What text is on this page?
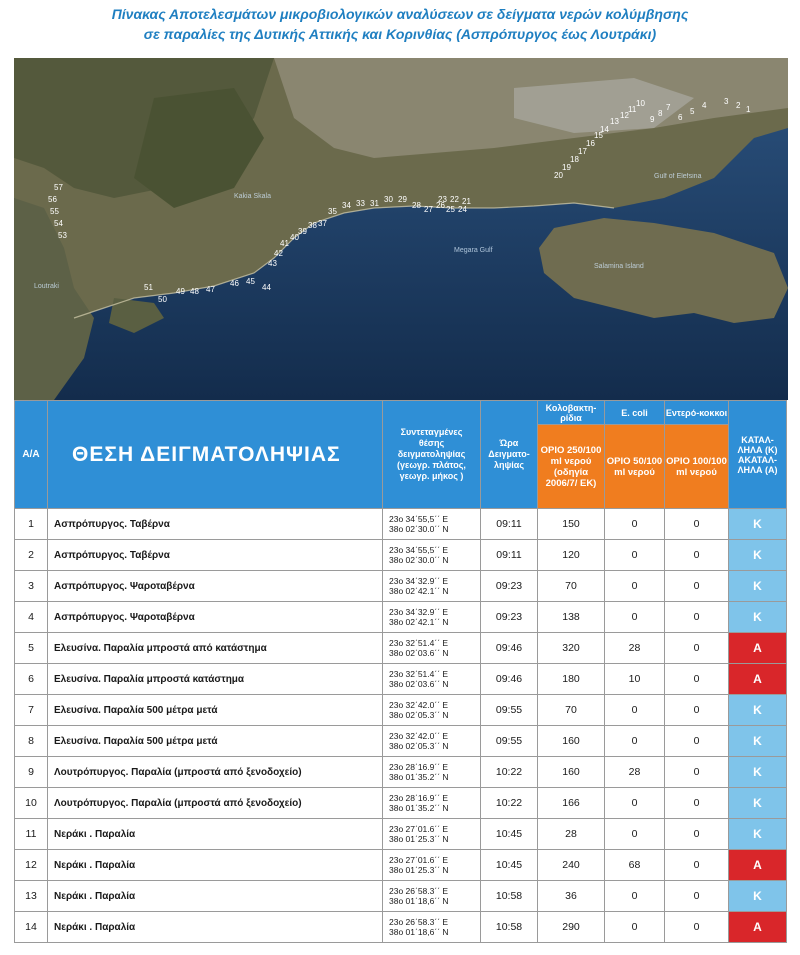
Πίνακας Αποτελεσμάτων μικροβιολογικών αναλύσεων σε δείγματα νερών κολύμβησης
σε παραλίες της Δυτικής Αττικής και Κορινθίας (Ασπρόπυργος έως Λουτράκι)
57
56
55
54
53
51
50
49 48 47
46 45
44
43
42
41
40
39
38 37
35
34 33 31 30 29
28 27 26 25 24
23 22 21
20
19
18
17
16
15
14
13
12
11
10
9
8
7
6
5
4 3 2 1
Gulf of Elefsina
Megara Gulf
Salamina Island
Kakia Skala
Loutraki
Α/Α	ΘΕΣΗ ΔΕΙΓΜΑΤΟΛΗΨΙΑΣ	Συντεταγμένες θέσης δειγματοληψίας (γεωγρ. πλάτος, γεωγρ. μήκος )	Ώρα Δειγματο-ληψίας	Κολοβακτη-ρίδια	E. coli	Εντερό-κοκκοι	ΚΑΤΑΛ-ΛΗΛΑ (Κ) ΑΚΑΤΑΛ-ΛΗΛΑ (Α)
				ΟΡΙΟ 250/100 ml νερού (οδηγία 2006/7/ ΕΚ)	ΟΡΙΟ 50/100 ml νερού	ΟΡΙΟ 100/100 ml νερού	
1	Ασπρόπυργος. Ταβέρνα	23o 34΄55,5΄΄ E
38o 02΄30.0΄΄ N	09:11	150	0	0	Κ
2	Ασπρόπυργος. Ταβέρνα	23o 34΄55,5΄΄ E
38o 02΄30.0΄΄ N	09:11	120	0	0	Κ
3	Ασπρόπυργος. Ψαροταβέρνα	23o 34΄32.9΄΄ E
38o 02΄42.1΄΄ N	09:23	70	0	0	Κ
4	Ασπρόπυργος. Ψαροταβέρνα	23o 34΄32.9΄΄ E
38o 02΄42.1΄΄ N	09:23	138	0	0	Κ
5	Ελευσίνα. Παραλία μπροστά από κατάστημα	23o 32΄51.4΄΄ E
38o 02΄03.6΄΄ N	09:46	320	28	0	Α
6	Ελευσίνα. Παραλία μπροστά κατάστημα	23o 32΄51.4΄΄ E
38o 02΄03.6΄΄ N	09:46	180	10	0	Α
7	Ελευσίνα. Παραλία 500 μέτρα μετά	23o 32΄42.0΄΄ E
38o 02΄05.3΄΄ N	09:55	70	0	0	Κ
8	Ελευσίνα. Παραλία 500 μέτρα μετά	23o 32΄42.0΄΄ E
38o 02΄05.3΄΄ N	09:55	160	0	0	Κ
9	Λουτρόπυργος. Παραλία (μπροστά από ξενοδοχείο)	23o 28΄16.9΄΄ E
38o 01΄35.2΄΄ N	10:22	160	28	0	Κ
10	Λουτρόπυργος. Παραλία (μπροστά από ξενοδοχείο)	23o 28΄16.9΄΄ E
38o 01΄35.2΄΄ N	10:22	166	0	0	Κ
11	Νεράκι . Παραλία	23o 27΄01.6΄΄ E
38o 01΄25.3΄΄ N	10:45	28	0	0	Κ
12	Νεράκι . Παραλία	23o 27΄01.6΄΄ E
38o 01΄25.3΄΄ N	10:45	240	68	0	Α
13	Νεράκι . Παραλία	23o 26΄58.3΄΄ E
38o 01΄18,6΄΄ N	10:58	36	0	0	Κ
14	Νεράκι . Παραλία	23o 26΄58.3΄΄ E
38o 01΄18,6΄΄ N	10:58	290	0	0	Α
